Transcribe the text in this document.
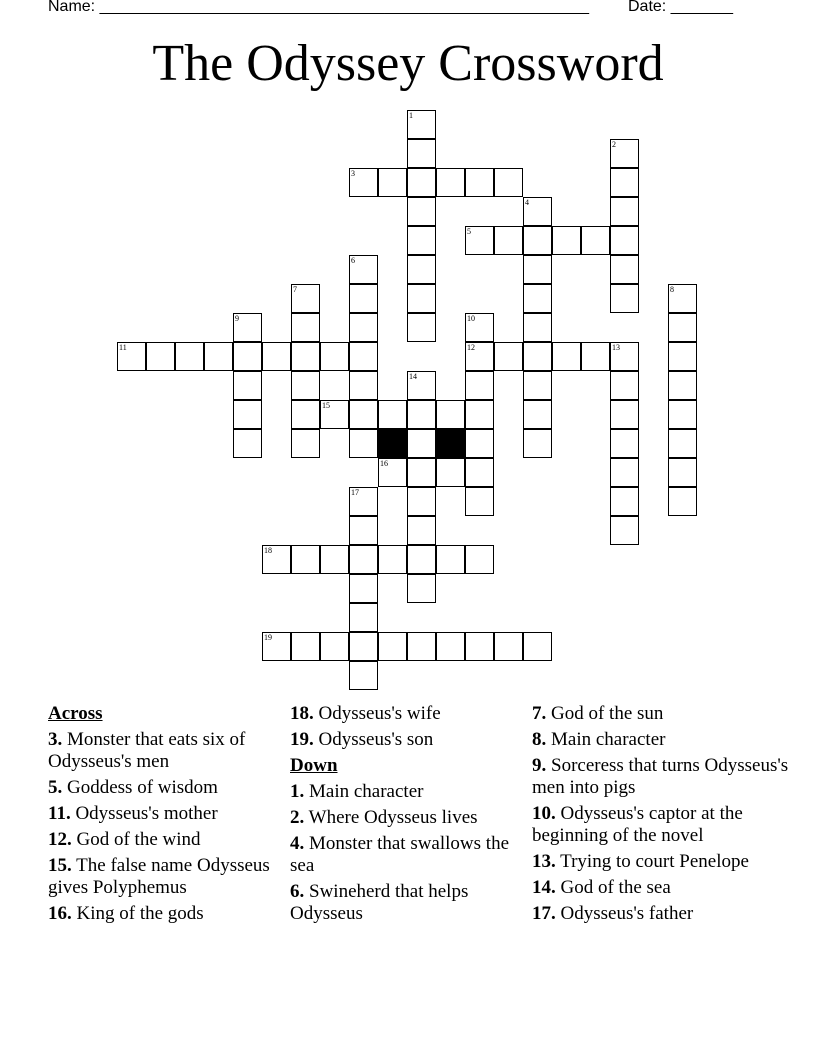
Name: _______________________________________________________ Date: _______
The Odyssey Crossword
1
2
3
4
5
6
7	8
9	10
12
11	13
14
15
16
17
18
19
Across
3. Monster that eats six of Odysseus's men
5. Goddess of wisdom
11. Odysseus's mother
12. God of the wind
15. The false name Odysseus gives Polyphemus
16. King of the gods
18. Odysseus's wife
19. Odysseus's son
Down
1. Main character
2. Where Odysseus lives
4. Monster that swallows the sea
6. Swineherd that helps Odysseus
7. God of the sun
8. Main character
9. Sorceress that turns Odysseus's men into pigs
10. Odysseus's captor at the beginning of the novel
13. Trying to court Penelope
14. God of the sea
17. Odysseus's father
